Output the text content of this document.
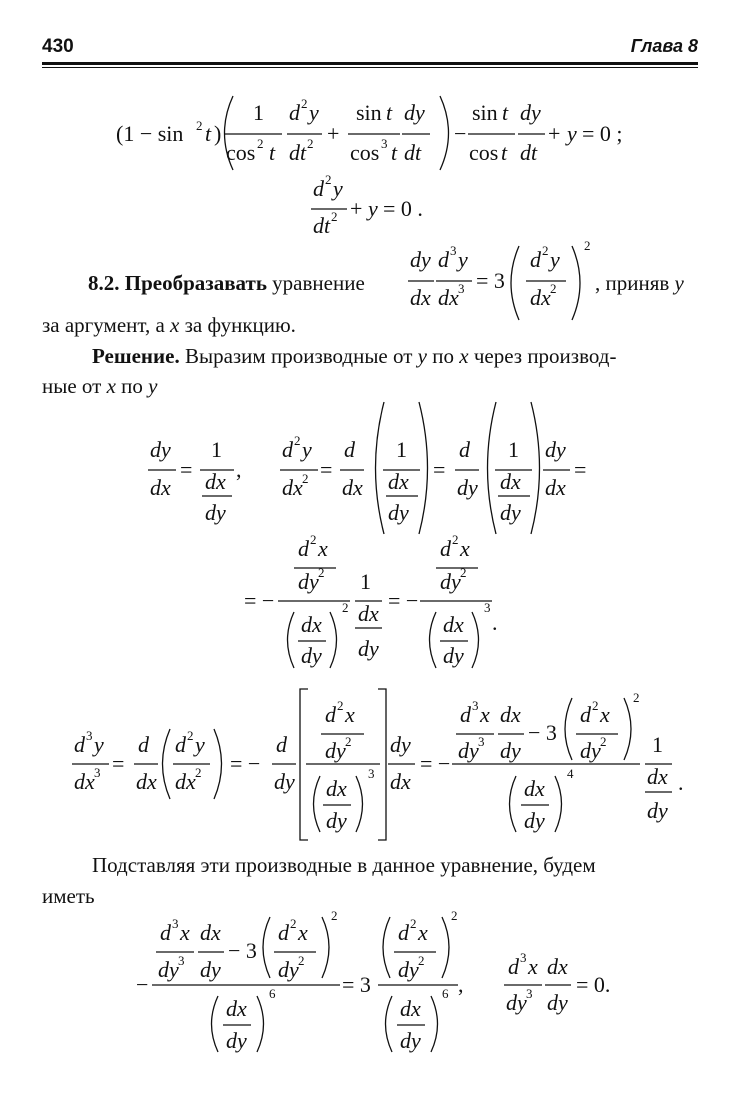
430	Глава 8
(1 − sin 2 t )
1
cos 2 t
d 2 y
dt 2 +
sin t
cos 3 t
dy
dt
−
sin t
cos t
dy
dt
+ y = 0 ;
d 2 y
dt 2 + y = 0 .
8.2. Преобразавать уравнение	, приняв y
dy
dx
d 3 y
dx 3 = 3
d 2 y
dx 2
2
за аргумент, а x за функцию.
Решение. Выразим производные от y по x через производ-
ные от x по y
dy
dx
=
1
dx
dy
,
d 2 y
dx 2 =
d
dx
1
dx
dy
=
d
dy
1
dx
dy
dy
dx
=
= −
d 2 x
dy 2
dx
dy
2
1
dx
dy
= −
d 2 x
dy 2
dx
dy
3
.
d 3 y
dx 3 =
d
dx
d 2 y
dx 2 = −
d
dy
d 2 x
dy 2
dx
dy
3
dy
dx
= −
d 3 x
dy 3
dx
dy
− 3
d 2 x
dy 2
2
dx
dy
4
1
dx
dy
.
Подставляя эти производные в данное уравнение, будем
иметь
−
d 3 x
dy 3
dx
dy
− 3
d 2 x
dy 2
2
dx
dy
6	= 3
d 2 x
dy 2
2
dx
dy
6 ,
d 3 x
dy 3
dx
dy
= 0.
